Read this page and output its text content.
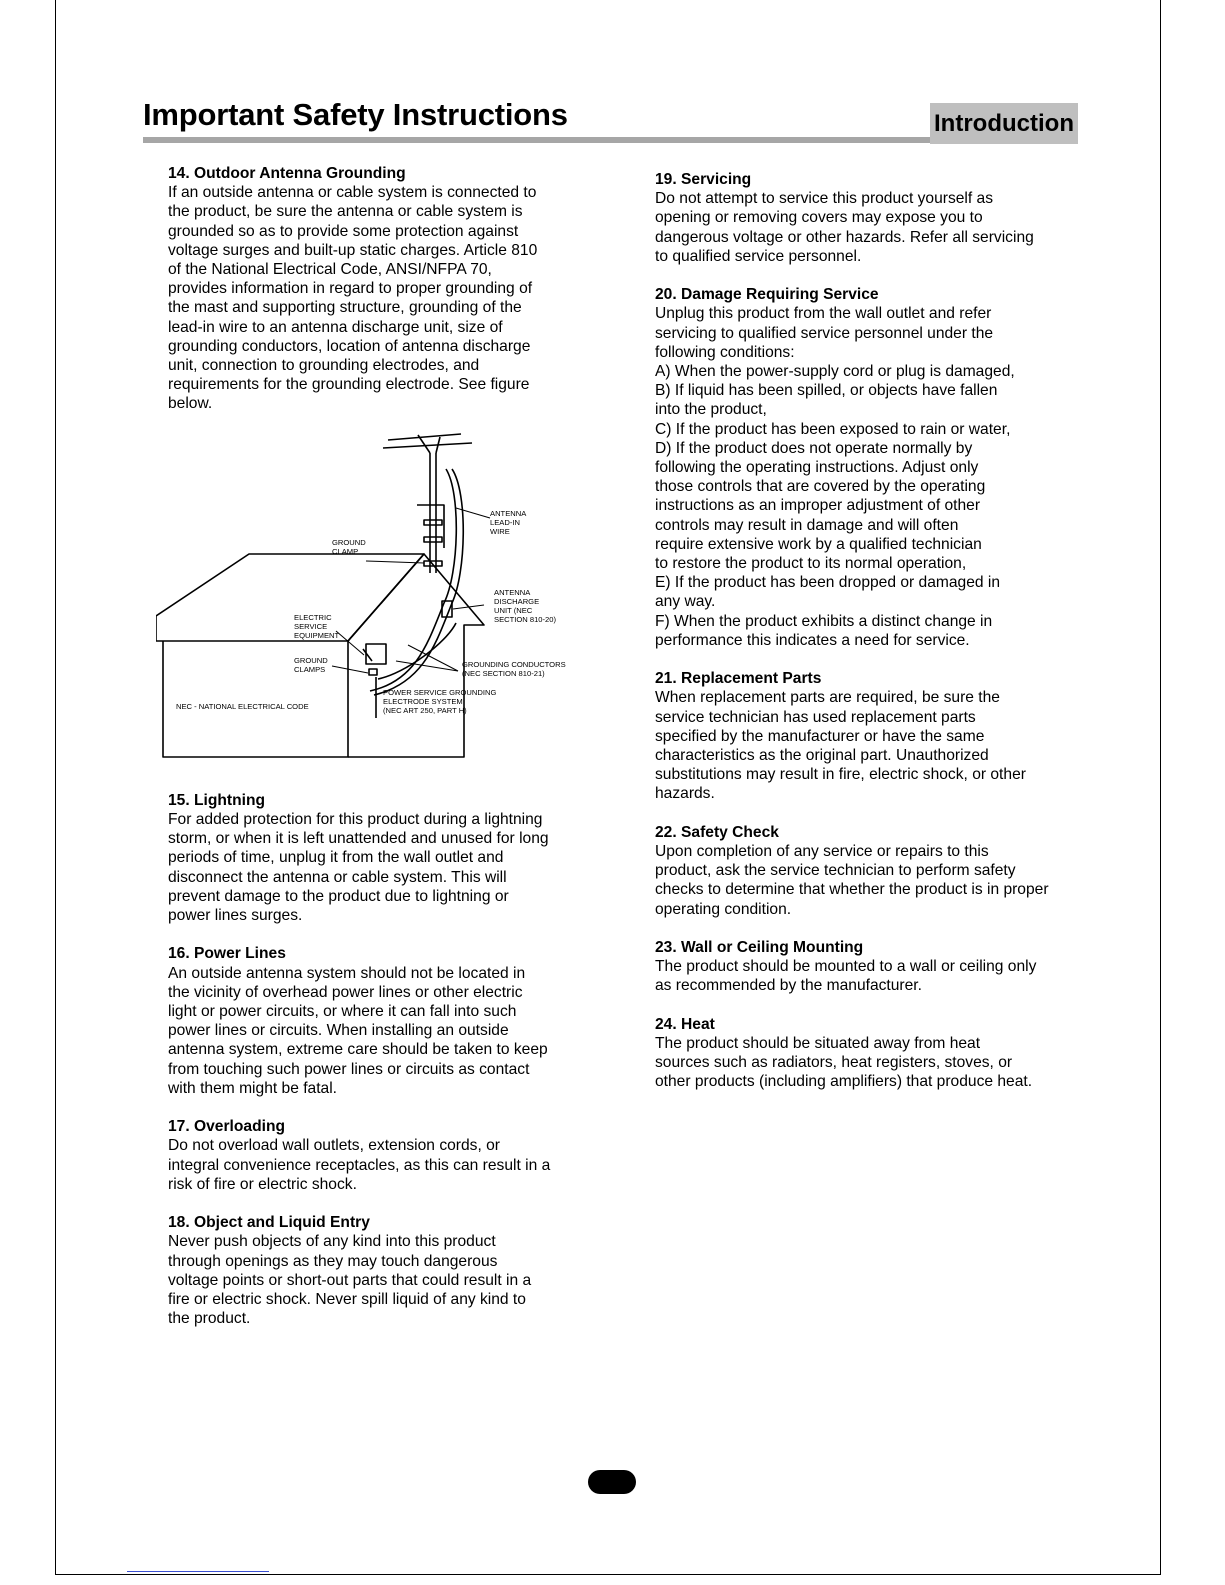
Important Safety Instructions	Introduction
14. Outdoor Antenna Grounding

If an outside antenna or cable system is connected to
the product, be sure the antenna or cable system is
grounded so as to provide some protection against
voltage surges and built-up static charges. Article 810
of the National Electrical Code, ANSI/NFPA 70,
provides information in regard to proper grounding of
the mast and supporting structure, grounding of the
lead-in wire to an antenna discharge unit, size of
grounding conductors, location of antenna discharge
unit, connection to grounding electrodes, and
requirements for the grounding electrode. See figure
below.

ANTENNA LEAD-IN WIRE
GROUND CLAMP
ANTENNA DISCHARGE UNIT (NEC SECTION 810-20)
ELECTRIC SERVICE EQUIPMENT
GROUND CLAMPS
GROUNDING CONDUCTORS (NEC SECTION 810-21)
POWER SERVICE GROUNDING ELECTRODE SYSTEM (NEC ART 250, PART H)
NEC - NATIONAL ELECTRICAL CODE
15. Lightning

For added protection for this product during a lightning
storm, or when it is left unattended and unused for long
periods of time, unplug it from the wall outlet and
disconnect the antenna or cable system. This will
prevent damage to the product due to lightning or
power lines surges.

16. Power Lines

An outside antenna system should not be located in
the vicinity of overhead power lines or other electric
light or power circuits, or where it can fall into such
power lines or circuits. When installing an outside
antenna system, extreme care should be taken to keep
from touching such power lines or circuits as contact
with them might be fatal.

17. Overloading

Do not overload wall outlets, extension cords, or
integral convenience receptacles, as this can result in a
risk of fire or electric shock.

18. Object and Liquid Entry

Never push objects of any kind into this product
through openings as they may touch dangerous
voltage points or short-out parts that could result in a
fire or electric shock. Never spill liquid of any kind to
the product.

19. Servicing

Do not attempt to service this product yourself as
opening or removing covers may expose you to
dangerous voltage or other hazards. Refer all servicing
to qualified service personnel.

20. Damage Requiring Service

Unplug this product from the wall outlet and refer
servicing to qualified service personnel under the
following conditions:
A) When the power-supply cord or plug is damaged,
B) If liquid has been spilled, or objects have fallen
into the product,
C) If the product has been exposed to rain or water,
D) If the product does not operate normally by
following the operating instructions. Adjust only
those controls that are covered by the operating
instructions as an improper adjustment of other
controls may result in damage and will often
require extensive work by a qualified technician
to restore the product to its normal operation,
E) If the product has been dropped or damaged in
any way.
F) When the product exhibits a distinct change in
performance this indicates a need for service.

21. Replacement Parts

When replacement parts are required, be sure the
service technician has used replacement parts
specified by the manufacturer or have the same
characteristics as the original part. Unauthorized
substitutions may result in fire, electric shock, or other
hazards.

22. Safety Check

Upon completion of any service or repairs to this
product, ask the service technician to perform safety
checks to determine that whether the product is in proper
operating condition.

23. Wall or Ceiling Mounting

The product should be mounted to a wall or ceiling only
as recommended by the manufacturer.

24. Heat

The product should be situated away from heat
sources such as radiators, heat registers, stoves, or
other products (including amplifiers) that produce heat.
